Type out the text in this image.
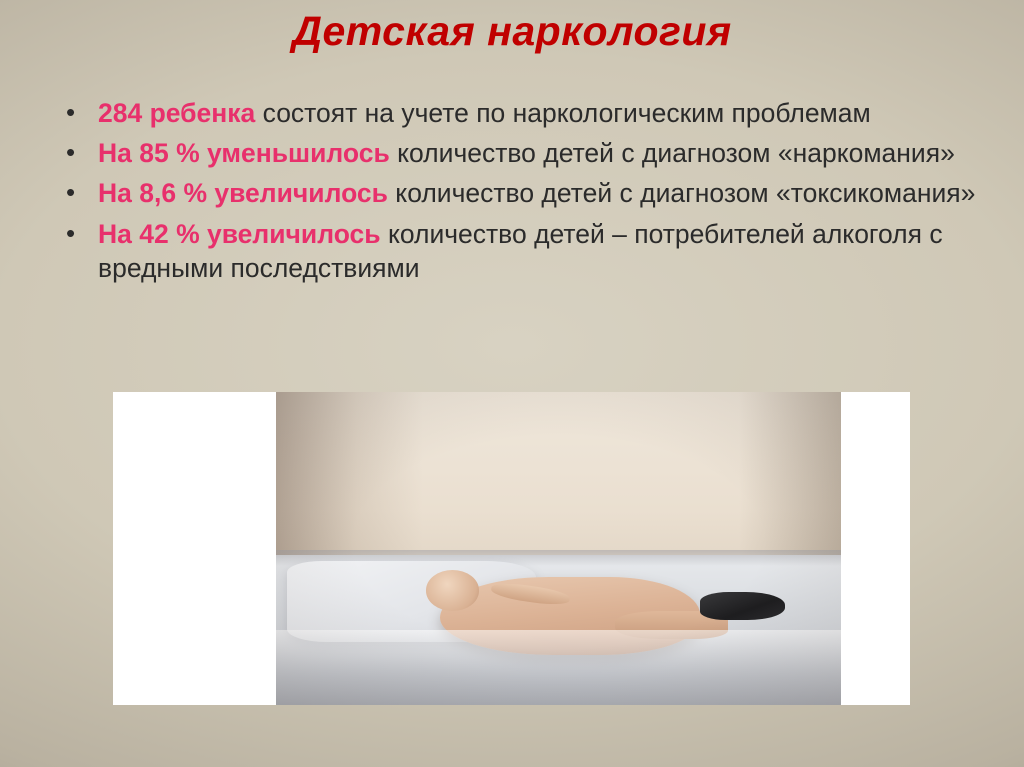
Детская наркология
• 284 ребенка состоят на учете по наркологическим проблемам
• На 85 % уменьшилось количество детей с диагнозом «наркомания»
• На 8,6 % увеличилось количество детей с диагнозом «токсикомания»
• На 42 % увеличилось количество детей – потребителей алкоголя с вредными последствиями
